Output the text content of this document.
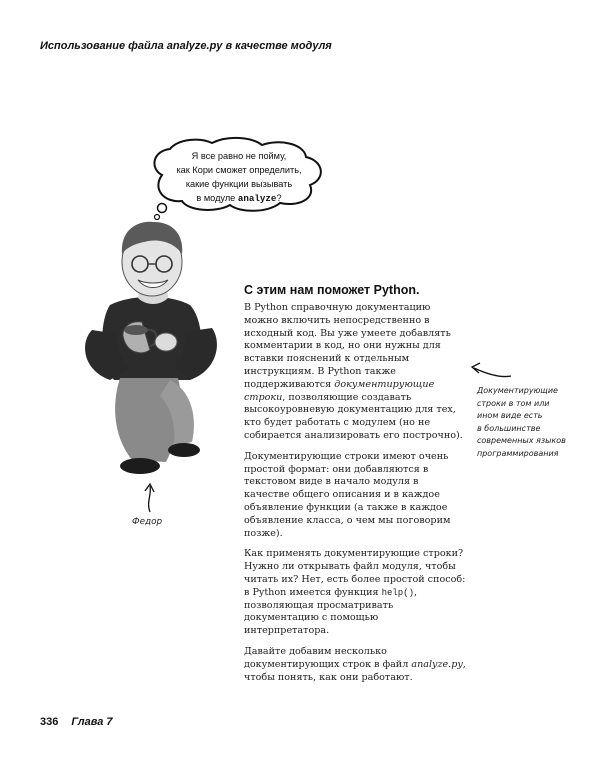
Использование файла analyze.py в качестве модуля
Я все равно не пойму,
как Кори сможет определить,
какие функции вызывать
в модуле analyze?
Федор
С этим нам поможет Python.

В Python справочную документацию можно включить непосредственно в исходный код. Вы уже умеете добавлять комментарии в код, но они нужны для вставки пояснений к отдельным инструкциям. В Python также поддерживаются документирующие строки, позволяющие создавать высокоуровневую документацию для тех, кто будет работать с модулем (но не собирается анализировать его построчно).

Документирующие строки имеют очень простой формат: они добавляются в текстовом виде в начало модуля в качестве общего описания и в каждое объявление функции (а также в каждое объявление класса, о чем мы поговорим позже).

Как применять документирующие строки? Нужно ли открывать файл модуля, чтобы читать их? Нет, есть более простой способ: в Python имеется функция help(), позволяющая просматривать документацию с помощью интерпретатора.

Давайте добавим несколько документирующих строк в файл analyze.py, чтобы понять, как они работают.

Документирующие
строки в том или
ином виде есть
в большинстве
современных языков
программирования
336 Глава 7
